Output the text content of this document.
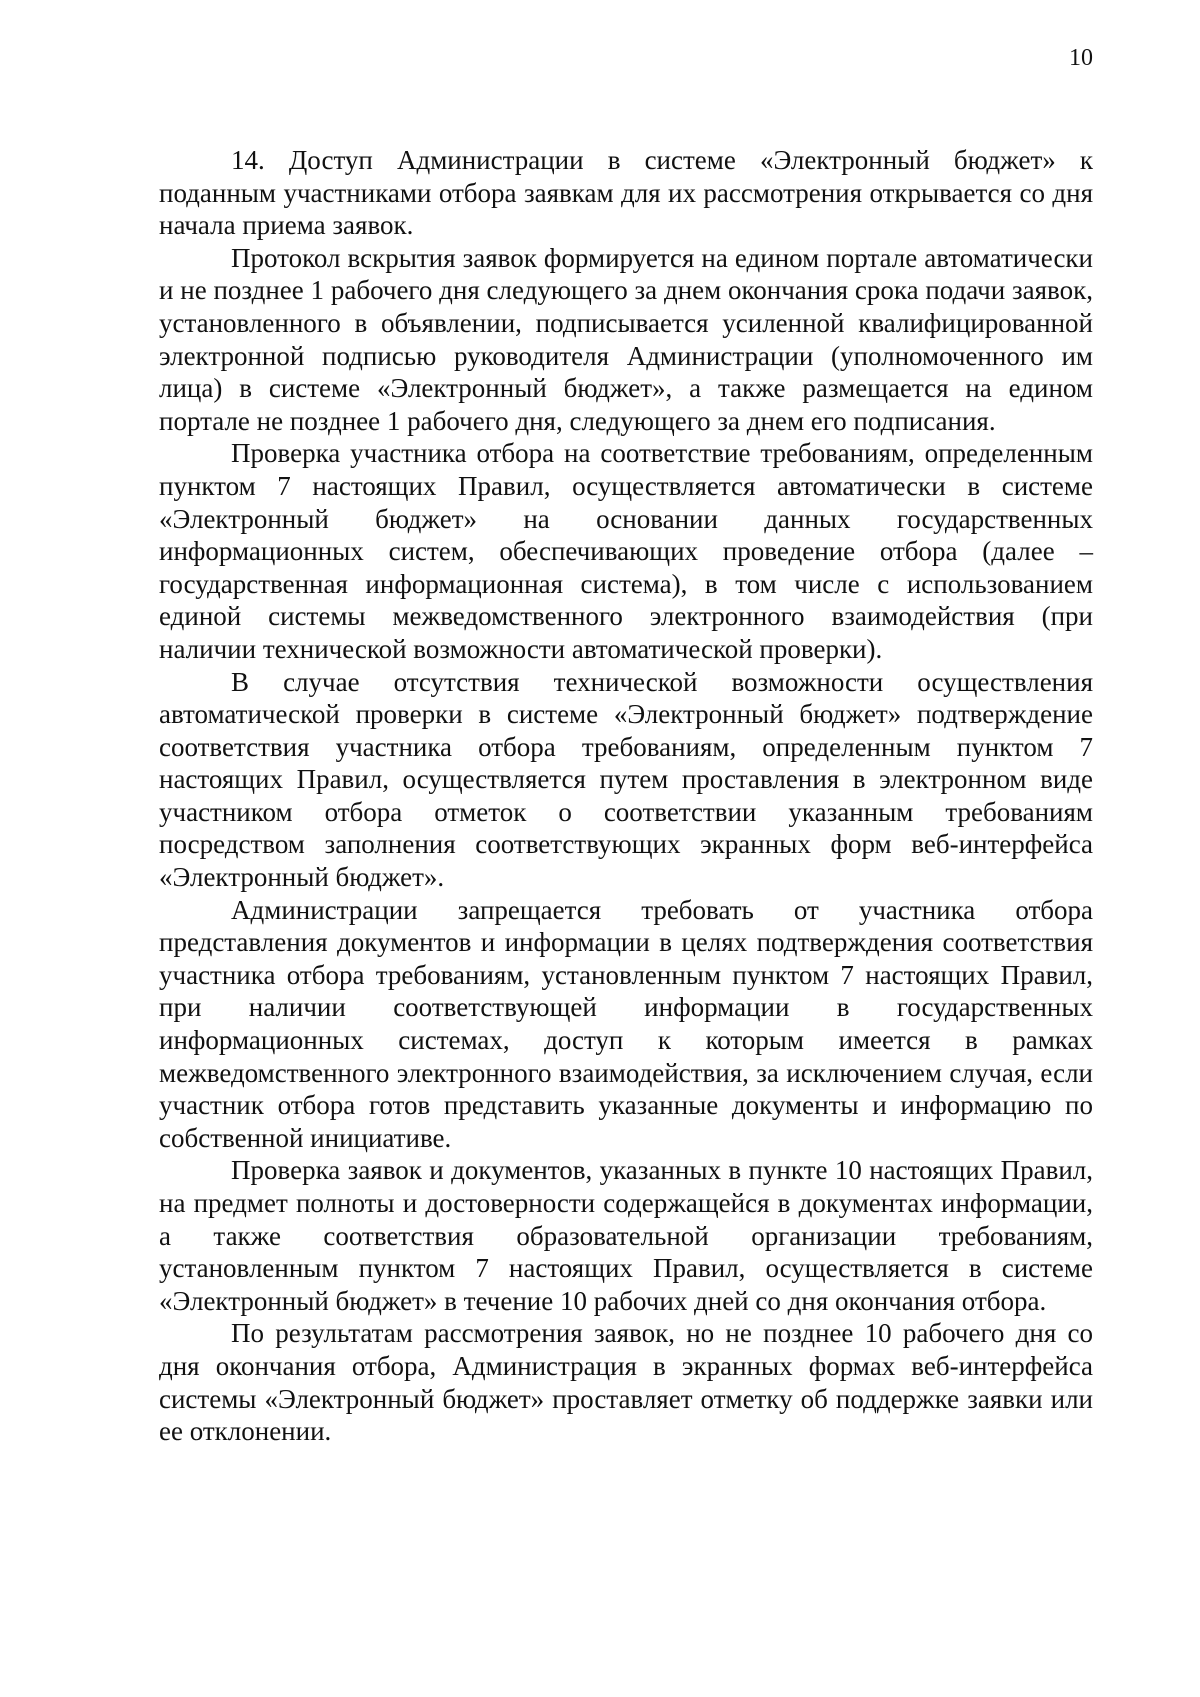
10

14. Доступ Администрации в системе «Электронный бюджет» к поданным участниками отбора заявкам для их рассмотрения открывается со дня начала приема заявок.

Протокол вскрытия заявок формируется на едином портале автоматически и не позднее 1 рабочего дня следующего за днем окончания срока подачи заявок, установленного в объявлении, подписывается усиленной квалифицированной электронной подписью руководителя Администрации (уполномоченного им лица) в системе «Электронный бюджет», а также размещается на едином портале не позднее 1 рабочего дня, следующего за днем его подписания.

Проверка участника отбора на соответствие требованиям, определенным пунктом 7 настоящих Правил, осуществляется автоматически в системе «Электронный бюджет» на основании данных государственных информационных систем, обеспечивающих проведение отбора (далее – государственная информационная система), в том числе с использованием единой системы межведомственного электронного взаимодействия (при наличии технической возможности автоматической проверки).

В случае отсутствия технической возможности осуществления автоматической проверки в системе «Электронный бюджет» подтверждение соответствия участника отбора требованиям, определенным пунктом 7 настоящих Правил, осуществляется путем проставления в электронном виде участником отбора отметок о соответствии указанным требованиям посредством заполнения соответствующих экранных форм веб-интерфейса «Электронный бюджет».

Администрации запрещается требовать от участника отбора представления документов и информации в целях подтверждения соответствия участника отбора требованиям, установленным пунктом 7 настоящих Правил, при наличии соответствующей информации в государственных информационных системах, доступ к которым имеется в рамках межведомственного электронного взаимодействия, за исключением случая, если участник отбора готов представить указанные документы и информацию по собственной инициативе.

Проверка заявок и документов, указанных в пункте 10 настоящих Правил, на предмет полноты и достоверности содержащейся в документах информации, а также соответствия образовательной организации требованиям, установленным пунктом 7 настоящих Правил, осуществляется в системе «Электронный бюджет» в течение 10 рабочих дней со дня окончания отбора.

По результатам рассмотрения заявок, но не позднее 10 рабочего дня со дня окончания отбора, Администрация в экранных формах веб-интерфейса системы «Электронный бюджет» проставляет отметку об поддержке заявки или ее отклонении.
